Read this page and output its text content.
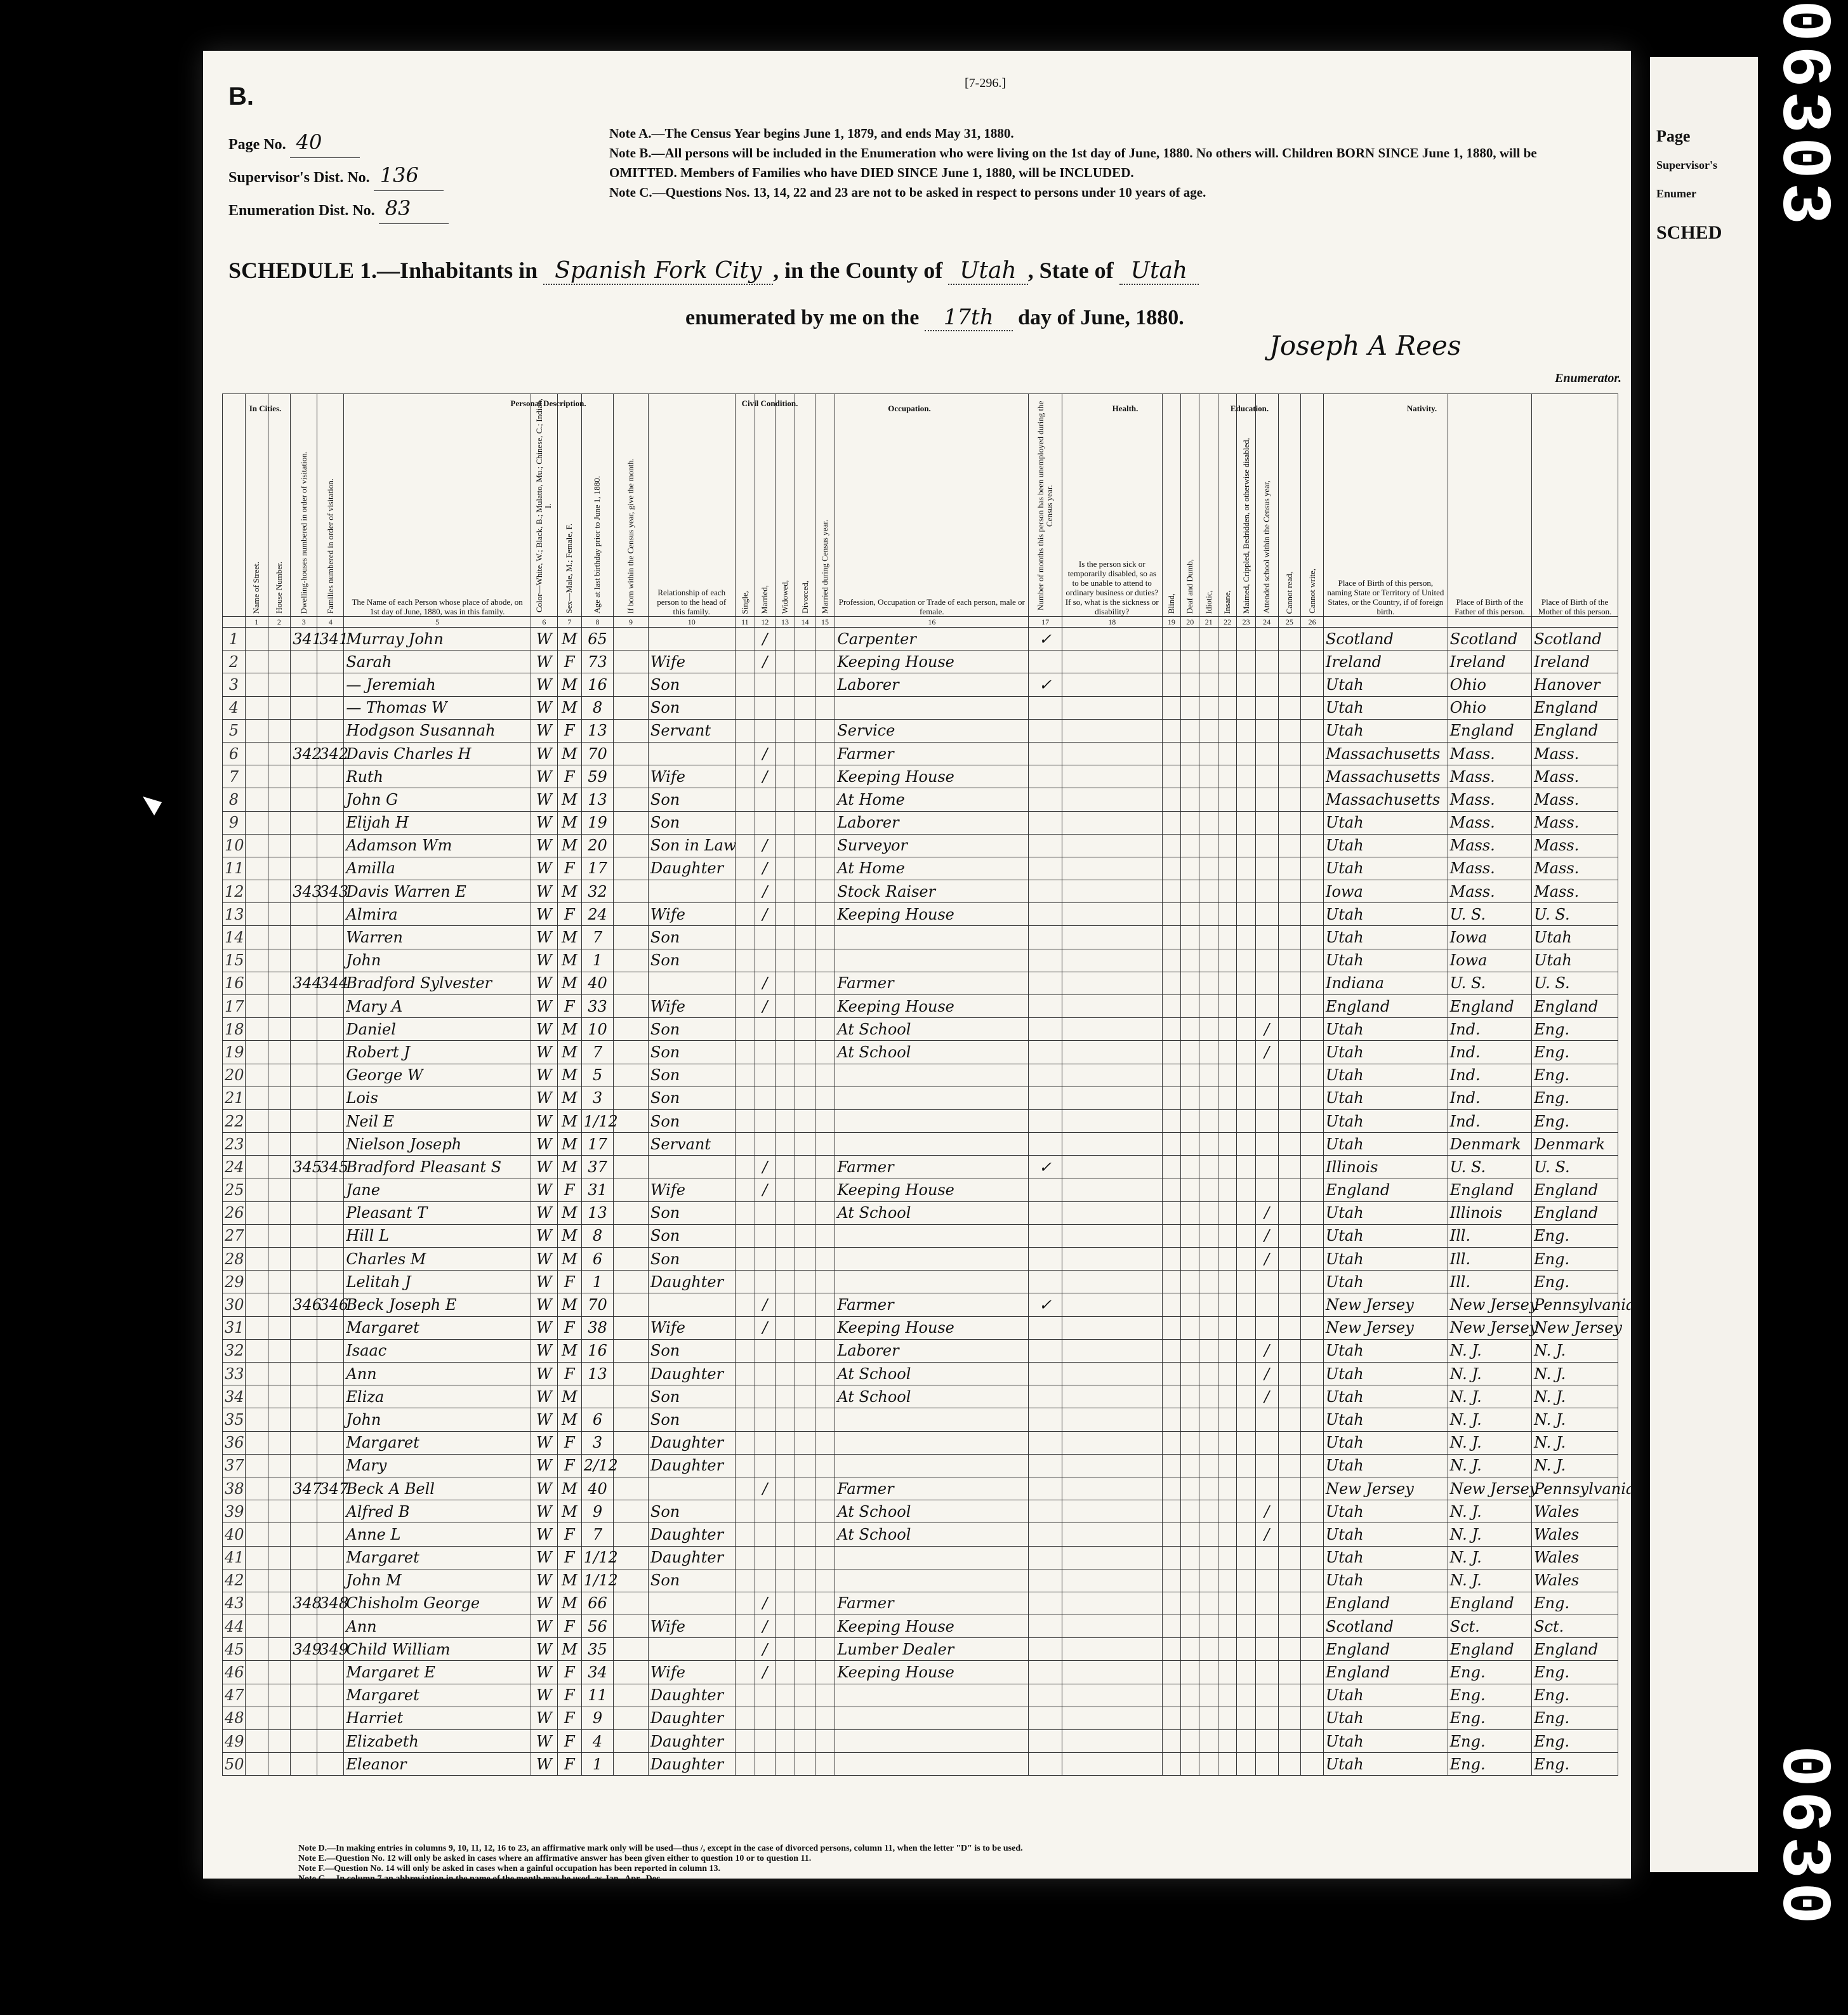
06303
0630
Page
Supervisor's
Enumer
SCHED
B.	[7-296.]
Page No. 40
Supervisor's Dist. No. 136
Enumeration Dist. No. 83
Note A.—The Census Year begins June 1, 1879, and ends May 31, 1880.
Note B.—All persons will be included in the Enumeration who were living on the 1st day of June, 1880. No others will. Children BORN SINCE June 1, 1880, will be OMITTED. Members of Families who have DIED SINCE June 1, 1880, will be INCLUDED.
Note C.—Questions Nos. 13, 14, 22 and 23 are not to be asked in respect to persons under 10 years of age.
SCHEDULE 1.—Inhabitants in Spanish Fork City , in the County of Utah , State of Utah
enumerated by me on the 17th day of June, 1880.
Joseph A Rees
Enumerator.
	Name of Street.	House Number.	Dwelling-houses numbered in order of visitation.	Families numbered in order of visitation.	The Name of each Person whose place of abode, on 1st day of June, 1880, was in this family.	Color—White, W.; Black, B.; Mulatto, Mu.; Chinese, C.; Indian, I.	Sex—Male, M.; Female, F.	Age at last birthday prior to June 1, 1880.	If born within the Census year, give the month.	Relationship of each person to the head of this family.	Single,	Married,	Widowed,	Divorced,	Married during Census year.	Profession, Occupation or Trade of each person, male or female.	Number of months this person has been unemployed during the Census year.	Is the person sick or temporarily disabled, so as to be unable to attend to ordinary business or duties? If so, what is the sickness or disability?	Blind,	Deaf and Dumb,	Idiotic,	Insane,	Maimed, Crippled, Bedridden, or otherwise disabled,	Attended school within the Census year,	Cannot read,	Cannot write,	Place of Birth of this person, naming State or Territory of United States, or the Country, if of foreign birth.	Place of Birth of the Father of this person.	Place of Birth of the Mother of this person.

	1	2	3	4	5	6	7	8	9	10	11	12	13	14	15	16	17	18	19	20	21	22	23	24	25	26			
1			341	341	Murray John	W	M	65				/				Carpenter	✓										Scotland	Scotland	Scotland
2					Sarah	W	F	73		Wife		/				Keeping House											Ireland	Ireland	Ireland
3					— Jeremiah	W	M	16		Son						Laborer	✓										Utah	Ohio	Hanover
4					— Thomas W	W	M	8		Son																	Utah	Ohio	England
5					Hodgson Susannah	W	F	13		Servant						Service											Utah	England	England
6			342	342	Davis Charles H	W	M	70				/				Farmer											Massachusetts	Mass.	Mass.
7					Ruth	W	F	59		Wife		/				Keeping House											Massachusetts	Mass.	Mass.
8					John G	W	M	13		Son						At Home											Massachusetts	Mass.	Mass.
9					Elijah H	W	M	19		Son						Laborer											Utah	Mass.	Mass.
10					Adamson Wm	W	M	20		Son in Law		/				Surveyor											Utah	Mass.	Mass.
11					Amilla	W	F	17		Daughter		/				At Home											Utah	Mass.	Mass.
12			343	343	Davis Warren E	W	M	32				/				Stock Raiser											Iowa	Mass.	Mass.
13					Almira	W	F	24		Wife		/				Keeping House											Utah	U. S.	U. S.
14					Warren	W	M	7		Son																	Utah	Iowa	Utah
15					John	W	M	1		Son																	Utah	Iowa	Utah
16			344	344	Bradford Sylvester	W	M	40				/				Farmer											Indiana	U. S.	U. S.
17					Mary A	W	F	33		Wife		/				Keeping House											England	England	England
18					Daniel	W	M	10		Son						At School								/			Utah	Ind.	Eng.
19					Robert J	W	M	7		Son						At School								/			Utah	Ind.	Eng.
20					George W	W	M	5		Son																	Utah	Ind.	Eng.
21					Lois	W	M	3		Son																	Utah	Ind.	Eng.
22					Neil E	W	M	1/12		Son																	Utah	Ind.	Eng.
23					Nielson Joseph	W	M	17		Servant																	Utah	Denmark	Denmark
24			345	345	Bradford Pleasant S	W	M	37				/				Farmer	✓										Illinois	U. S.	U. S.
25					Jane	W	F	31		Wife		/				Keeping House											England	England	England
26					Pleasant T	W	M	13		Son						At School								/			Utah	Illinois	England
27					Hill L	W	M	8		Son														/			Utah	Ill.	Eng.
28					Charles M	W	M	6		Son														/			Utah	Ill.	Eng.
29					Lelitah J	W	F	1		Daughter																	Utah	Ill.	Eng.
30			346	346	Beck Joseph E	W	M	70				/				Farmer	✓										New Jersey	New Jersey	Pennsylvania
31					Margaret	W	F	38		Wife		/				Keeping House											New Jersey	New Jersey	New Jersey
32					Isaac	W	M	16		Son						Laborer								/			Utah	N. J.	N. J.
33					Ann	W	F	13		Daughter						At School								/			Utah	N. J.	N. J.
34					Eliza	W	M			Son						At School								/			Utah	N. J.	N. J.
35					John	W	M	6		Son																	Utah	N. J.	N. J.
36					Margaret	W	F	3		Daughter																	Utah	N. J.	N. J.
37					Mary	W	F	2/12		Daughter																	Utah	N. J.	N. J.
38			347	347	Beck A Bell	W	M	40				/				Farmer											New Jersey	New Jersey	Pennsylvania
39					Alfred B	W	M	9		Son						At School								/			Utah	N. J.	Wales
40					Anne L	W	F	7		Daughter						At School								/			Utah	N. J.	Wales
41					Margaret	W	F	1/12		Daughter																	Utah	N. J.	Wales
42					John M	W	M	1/12		Son																	Utah	N. J.	Wales
43			348	348	Chisholm George	W	M	66				/				Farmer											England	England	Eng.
44					Ann	W	F	56		Wife		/				Keeping House											Scotland	Sct.	Sct.
45			349	349	Child William	W	M	35				/				Lumber Dealer											England	England	England
46					Margaret E	W	F	34		Wife		/				Keeping House											England	Eng.	Eng.
47					Margaret	W	F	11		Daughter																	Utah	Eng.	Eng.
48					Harriet	W	F	9		Daughter																	Utah	Eng.	Eng.
49					Elizabeth	W	F	4		Daughter																	Utah	Eng.	Eng.
50					Eleanor	W	F	1		Daughter																	Utah	Eng.	Eng.
In Cities.
Personal Description.	Civil Condition.
Occupation.	Health.	Education.	Nativity.
Note D.—In making entries in columns 9, 10, 11, 12, 16 to 23, an affirmative mark only will be used—thus /, except in the case of divorced persons, column 11, when the letter "D" is to be used.
Note E.—Question No. 12 will only be asked in cases where an affirmative answer has been given either to question 10 or to question 11.
Note F.—Question No. 14 will only be asked in cases when a gainful occupation has been reported in column 13.
Note G.—In column 7 an abbreviation in the name of the month may be used, as Jan., Apr., Dec.
